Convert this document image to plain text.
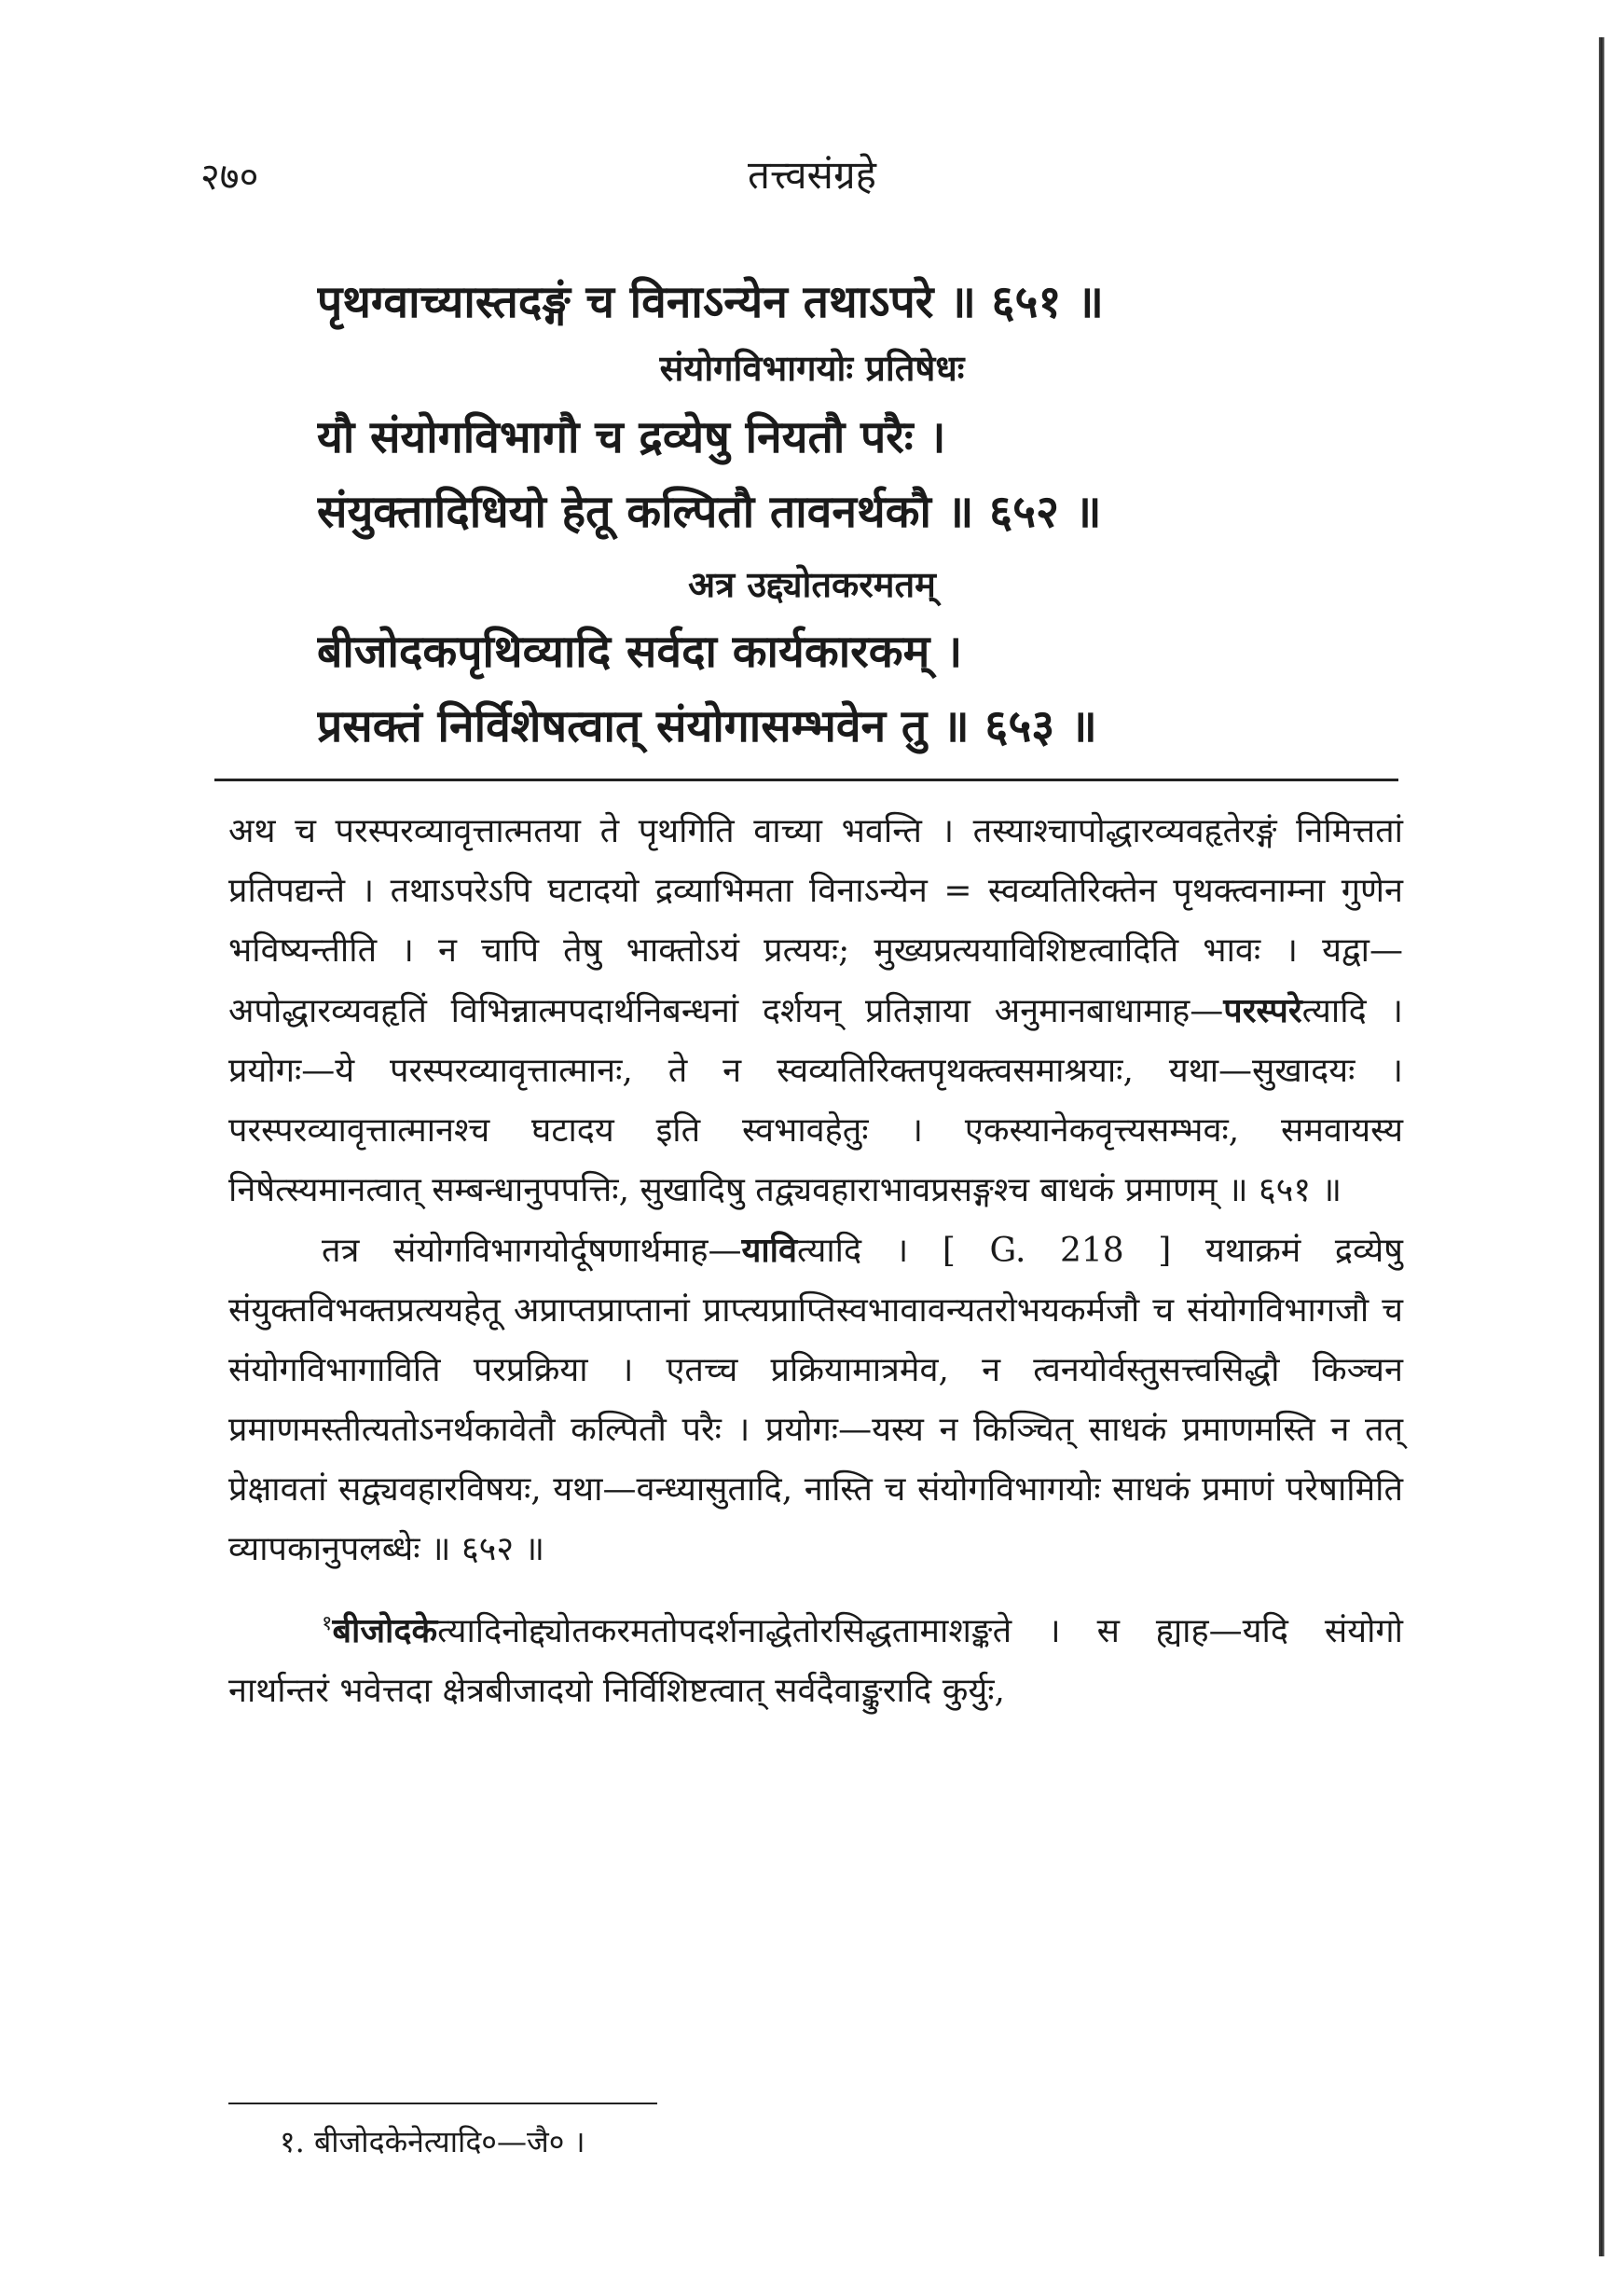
२७०	तत्त्वसंग्रहे
पृथग्वाच्यास्तदङ्गं च विनाऽन्येन तथाऽपरे ॥ ६५१ ॥
संयोगविभागयोः प्रतिषेधः
यौ संयोगविभागौ च द्रव्येषु नियतौ परैः ।
संयुक्तादिधियो हेतू कल्पितौ तावनर्थकौ ॥ ६५२ ॥
अत्र उद्द्योतकरमतम्
बीजोदकपृथिव्यादि सर्वदा कार्यकारकम् ।
प्रसक्तं निर्विशेषत्वात् संयोगासम्भवेन तु ॥ ६५३ ॥

अथ च परस्परव्यावृत्तात्मतया ते पृथगिति वाच्या भवन्ति । तस्याश्चापोद्धारव्यवहृतेरङ्गं निमित्ततां प्रतिपद्यन्ते । तथाऽपरेऽपि घटादयो द्रव्याभिमता विनाऽन्येन = स्वव्यतिरिक्तेन पृथक्त्वनाम्ना गुणेन भविष्यन्तीति । न चापि तेषु भाक्तोऽयं प्रत्ययः; मुख्यप्रत्ययाविशिष्टत्वादिति भावः । यद्वा—अपोद्धारव्यवहृतिं विभिन्नात्मपदार्थनिबन्धनां दर्शयन् प्रतिज्ञाया अनुमानबाधामाह—परस्परेत्यादि । प्रयोगः—ये परस्परव्यावृत्तात्मानः, ते न स्वव्यतिरिक्तपृथक्त्वसमाश्रयाः, यथा—सुखादयः । परस्परव्यावृत्तात्मानश्च घटादय इति स्वभावहेतुः । एकस्यानेकवृत्त्यसम्भवः, समवायस्य निषेत्स्यमानत्वात् सम्बन्धानुपपत्तिः, सुखादिषु तद्व्यवहाराभावप्रसङ्गश्च बाधकं प्रमाणम् ॥ ६५१ ॥

तत्र संयोगविभागयोर्दूषणार्थमाह—यावित्यादि । [ G. 218 ] यथाक्रमं द्रव्येषु संयुक्तविभक्तप्रत्ययहेतू अप्राप्तप्राप्तानां प्राप्त्यप्राप्तिस्वभावावन्यतरोभयकर्मजौ च संयोगविभागजौ च संयोगविभागाविति परप्रक्रिया । एतच्च प्रक्रियामात्रमेव, न त्वनयोर्वस्तुसत्त्वसिद्धौ किञ्चन प्रमाणमस्तीत्यतोऽनर्थकावेतौ कल्पितौ परैः । प्रयोगः—यस्य न किञ्चित् साधकं प्रमाणमस्ति न तत् प्रेक्षावतां सद्व्यवहारविषयः, यथा—वन्ध्यासुतादि, नास्ति च संयोगविभागयोः साधकं प्रमाणं परेषामिति व्यापकानुपलब्धेः ॥ ६५२ ॥

$^१$बीजोदकेत्यादिनोद्द्योतकरमतोपदर्शनाद्धेतोरसिद्धतामाशङ्कते । स ह्याह—यदि संयोगो नार्थान्तरं भवेत्तदा क्षेत्रबीजादयो निर्विशिष्टत्वात् सर्वदैवाङ्कुरादि कुर्युः,

१. बीजोदकेनेत्यादि०—जै० ।
